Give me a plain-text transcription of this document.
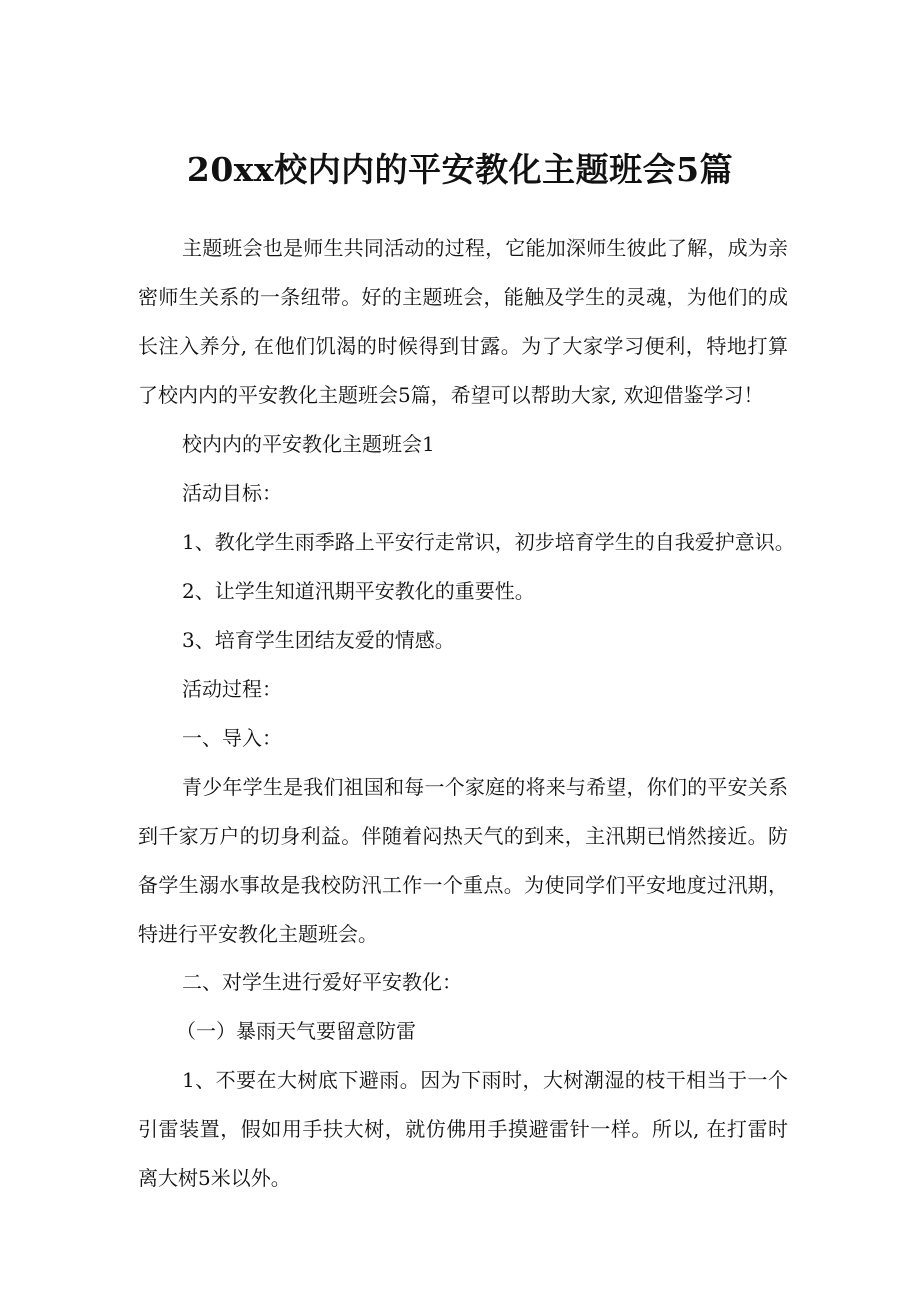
20xx校内内的平安教化主题班会5篇
主题班会也是师生共同活动的过程，它能加深师生彼此了解，成为亲密师生关系的一条纽带。好的主题班会，能触及学生的灵魂，为他们的成长注入养分, 在他们饥渴的时候得到甘露。为了大家学习便利，特地打算了校内内的平安教化主题班会5篇，希望可以帮助大家, 欢迎借鉴学习！
校内内的平安教化主题班会1
活动目标：
1、教化学生雨季路上平安行走常识，初步培育学生的自我爱护意识。
2、让学生知道汛期平安教化的重要性。
3、培育学生团结友爱的情感。
活动过程：
一、导入：
青少年学生是我们祖国和每一个家庭的将来与希望，你们的平安关系到千家万户的切身利益。伴随着闷热天气的到来，主汛期已悄然接近。防备学生溺水事故是我校防汛工作一个重点。为使同学们平安地度过汛期，特进行平安教化主题班会。
二、对学生进行爱好平安教化：
（一）暴雨天气要留意防雷
1、不要在大树底下避雨。因为下雨时，大树潮湿的枝干相当于一个引雷装置，假如用手扶大树，就仿佛用手摸避雷针一样。所以, 在打雷时离大树5米以外。
